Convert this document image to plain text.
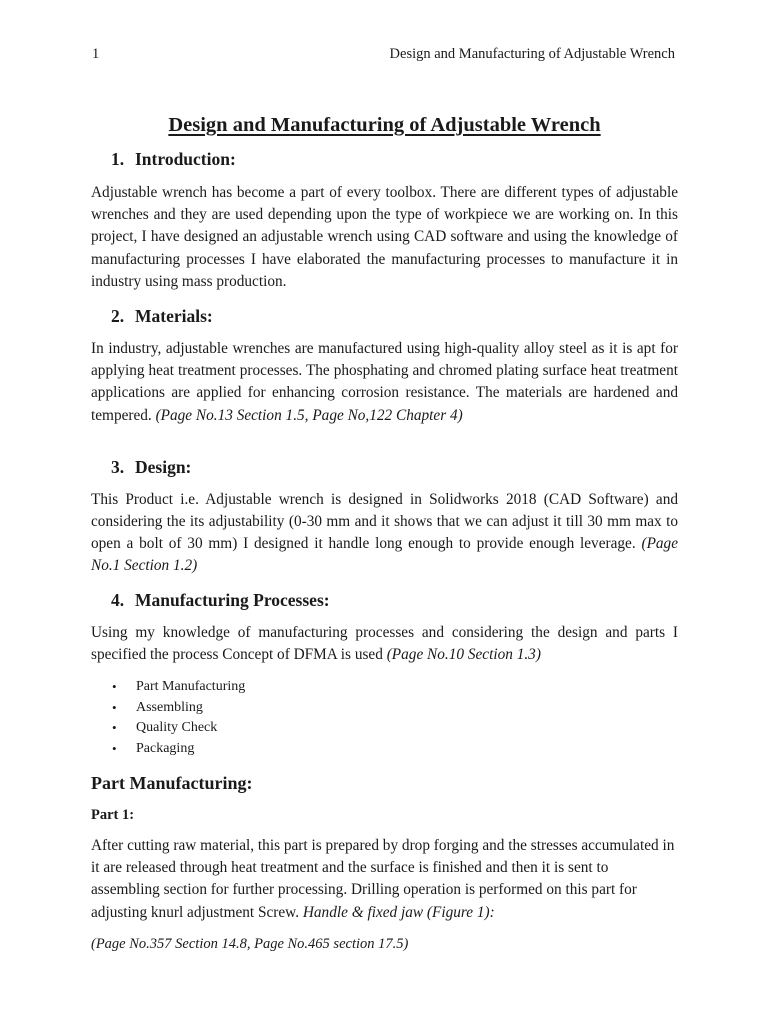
1	Design and Manufacturing of Adjustable Wrench
Design and Manufacturing of Adjustable Wrench
1. Introduction:

Adjustable wrench has become a part of every toolbox. There are different types of adjustable wrenches and they are used depending upon the type of workpiece we are working on. In this project, I have designed an adjustable wrench using CAD software and using the knowledge of manufacturing processes I have elaborated the manufacturing processes to manufacture it in industry using mass production.

2. Materials:

In industry, adjustable wrenches are manufactured using high-quality alloy steel as it is apt for applying heat treatment processes. The phosphating and chromed plating surface heat treatment applications are applied for enhancing corrosion resistance. The materials are hardened and tempered. (Page No.13 Section 1.5, Page No,122 Chapter 4)

3. Design:

This Product i.e. Adjustable wrench is designed in Solidworks 2018 (CAD Software) and considering the its adjustability (0-30 mm and it shows that we can adjust it till 30 mm max to open a bolt of 30 mm) I designed it handle long enough to provide enough leverage. (Page No.1 Section 1.2)

4. Manufacturing Processes:

Using my knowledge of manufacturing processes and considering the design and parts I specified the process Concept of DFMA is used (Page No.10 Section 1.3)

• Part Manufacturing
• Assembling
• Quality Check
• Packaging
Part Manufacturing:
Part 1:

After cutting raw material, this part is prepared by drop forging and the stresses accumulated in it are released through heat treatment and the surface is finished and then it is sent to assembling section for further processing. Drilling operation is performed on this part for adjusting knurl adjustment Screw. Handle & fixed jaw (Figure 1):

(Page No.357 Section 14.8, Page No.465 section 17.5)
